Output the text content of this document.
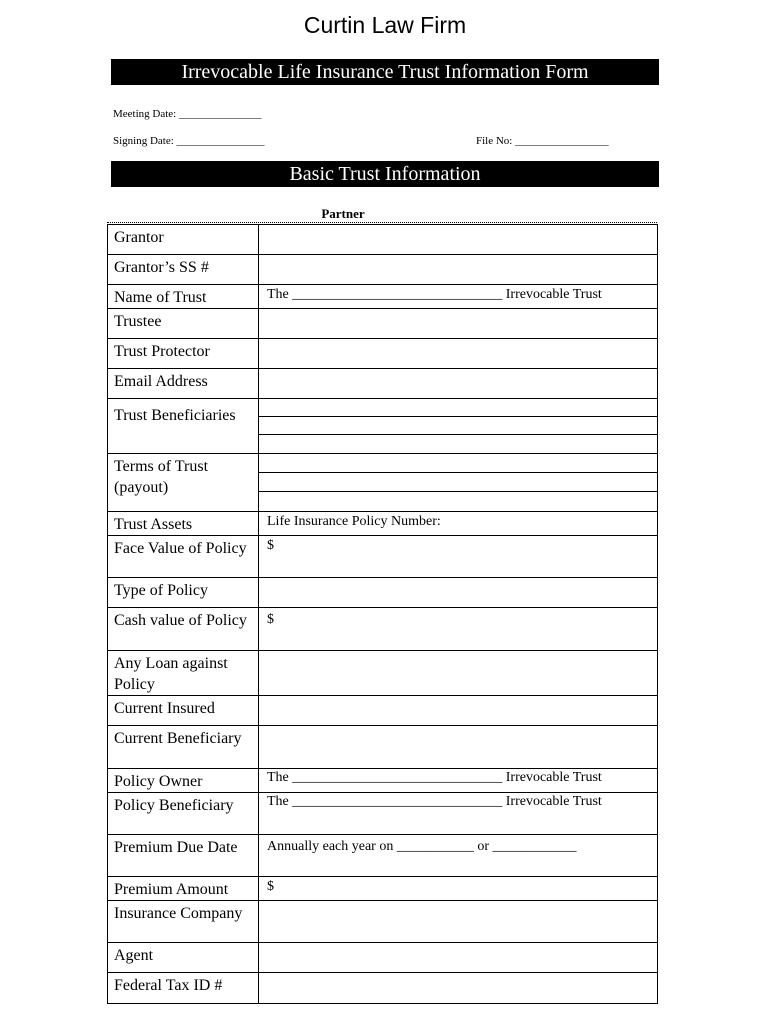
Curtin Law Firm
Irrevocable Life Insurance Trust Information Form
Meeting Date: _______________
Signing Date: ________________	File No: _________________
Basic Trust Information
Partner
Grantor	

Grantor’s SS #	

Name of Trust	The ______________________________ Irrevocable Trust

Trustee	

Trust Protector	

Email Address	

Trust Beneficiaries	

Terms of Trust (payout)	

Trust Assets	Life Insurance Policy Number:

Face Value of Policy	$

Type of Policy	

Cash value of Policy	$

Any Loan against Policy	

Current Insured	

Current Beneficiary	

Policy Owner	The ______________________________ Irrevocable Trust

Policy Beneficiary	The ______________________________ Irrevocable Trust

Premium Due Date	Annually each year on ___________ or ____________

Premium Amount	$

Insurance Company	

Agent	

Federal Tax ID #	
